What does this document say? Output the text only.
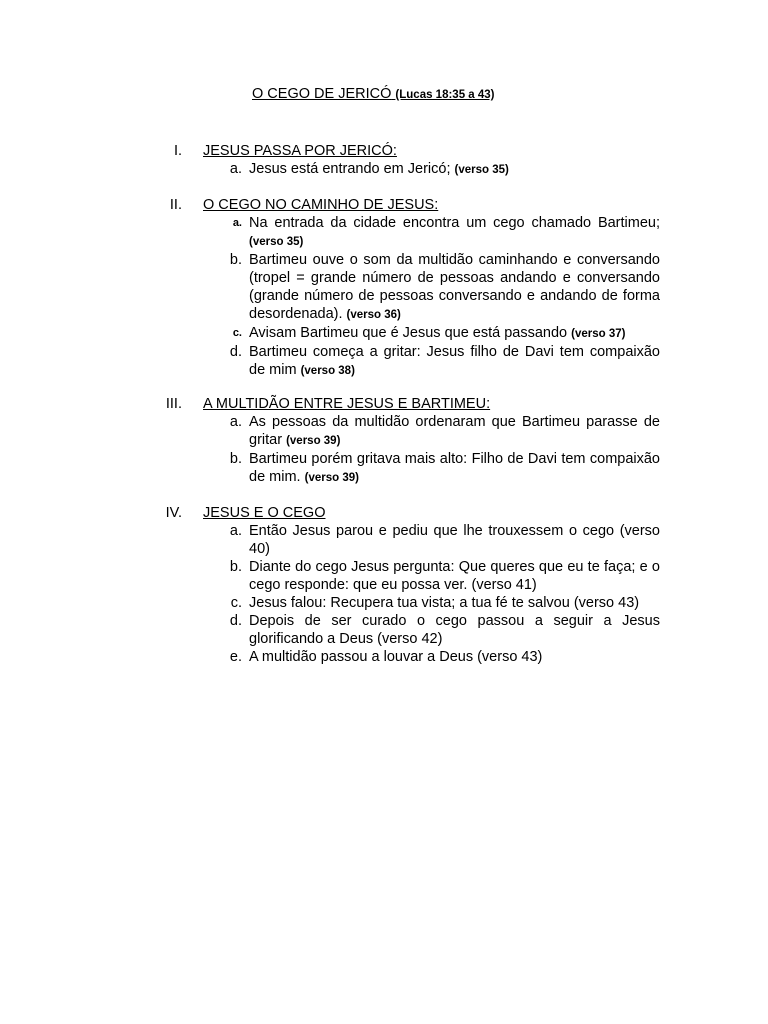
O CEGO DE JERICÓ (Lucas 18:35 a 43)
I. JESUS PASSA POR JERICÓ:
a. Jesus está entrando em Jericó; (verso 35)
II. O CEGO NO CAMINHO DE JESUS:
a. Na entrada da cidade encontra um cego chamado Bartimeu; (verso 35)
b. Bartimeu ouve o som da multidão caminhando e conversando (tropel = grande número de pessoas andando e conversando (grande número de pessoas conversando e andando de forma desordenada). (verso 36)
c. Avisam Bartimeu que é Jesus que está passando (verso 37)
d. Bartimeu começa a gritar: Jesus filho de Davi tem compaixão de mim (verso 38)
III. A MULTIDÃO ENTRE JESUS E BARTIMEU:
a. As pessoas da multidão ordenaram que Bartimeu parasse de gritar (verso 39)
b. Bartimeu porém gritava mais alto: Filho de Davi tem compaixão de mim. (verso 39)
IV. JESUS E O CEGO
a. Então Jesus parou e pediu que lhe trouxessem o cego (verso 40)
b. Diante do cego Jesus pergunta: Que queres que eu te faça; e o cego responde: que eu possa ver. (verso 41)
c. Jesus falou: Recupera tua vista; a tua fé te salvou (verso 43)
d. Depois de ser curado o cego passou a seguir a Jesus glorificando a Deus (verso 42)
e. A multidão passou a louvar a Deus (verso 43)
